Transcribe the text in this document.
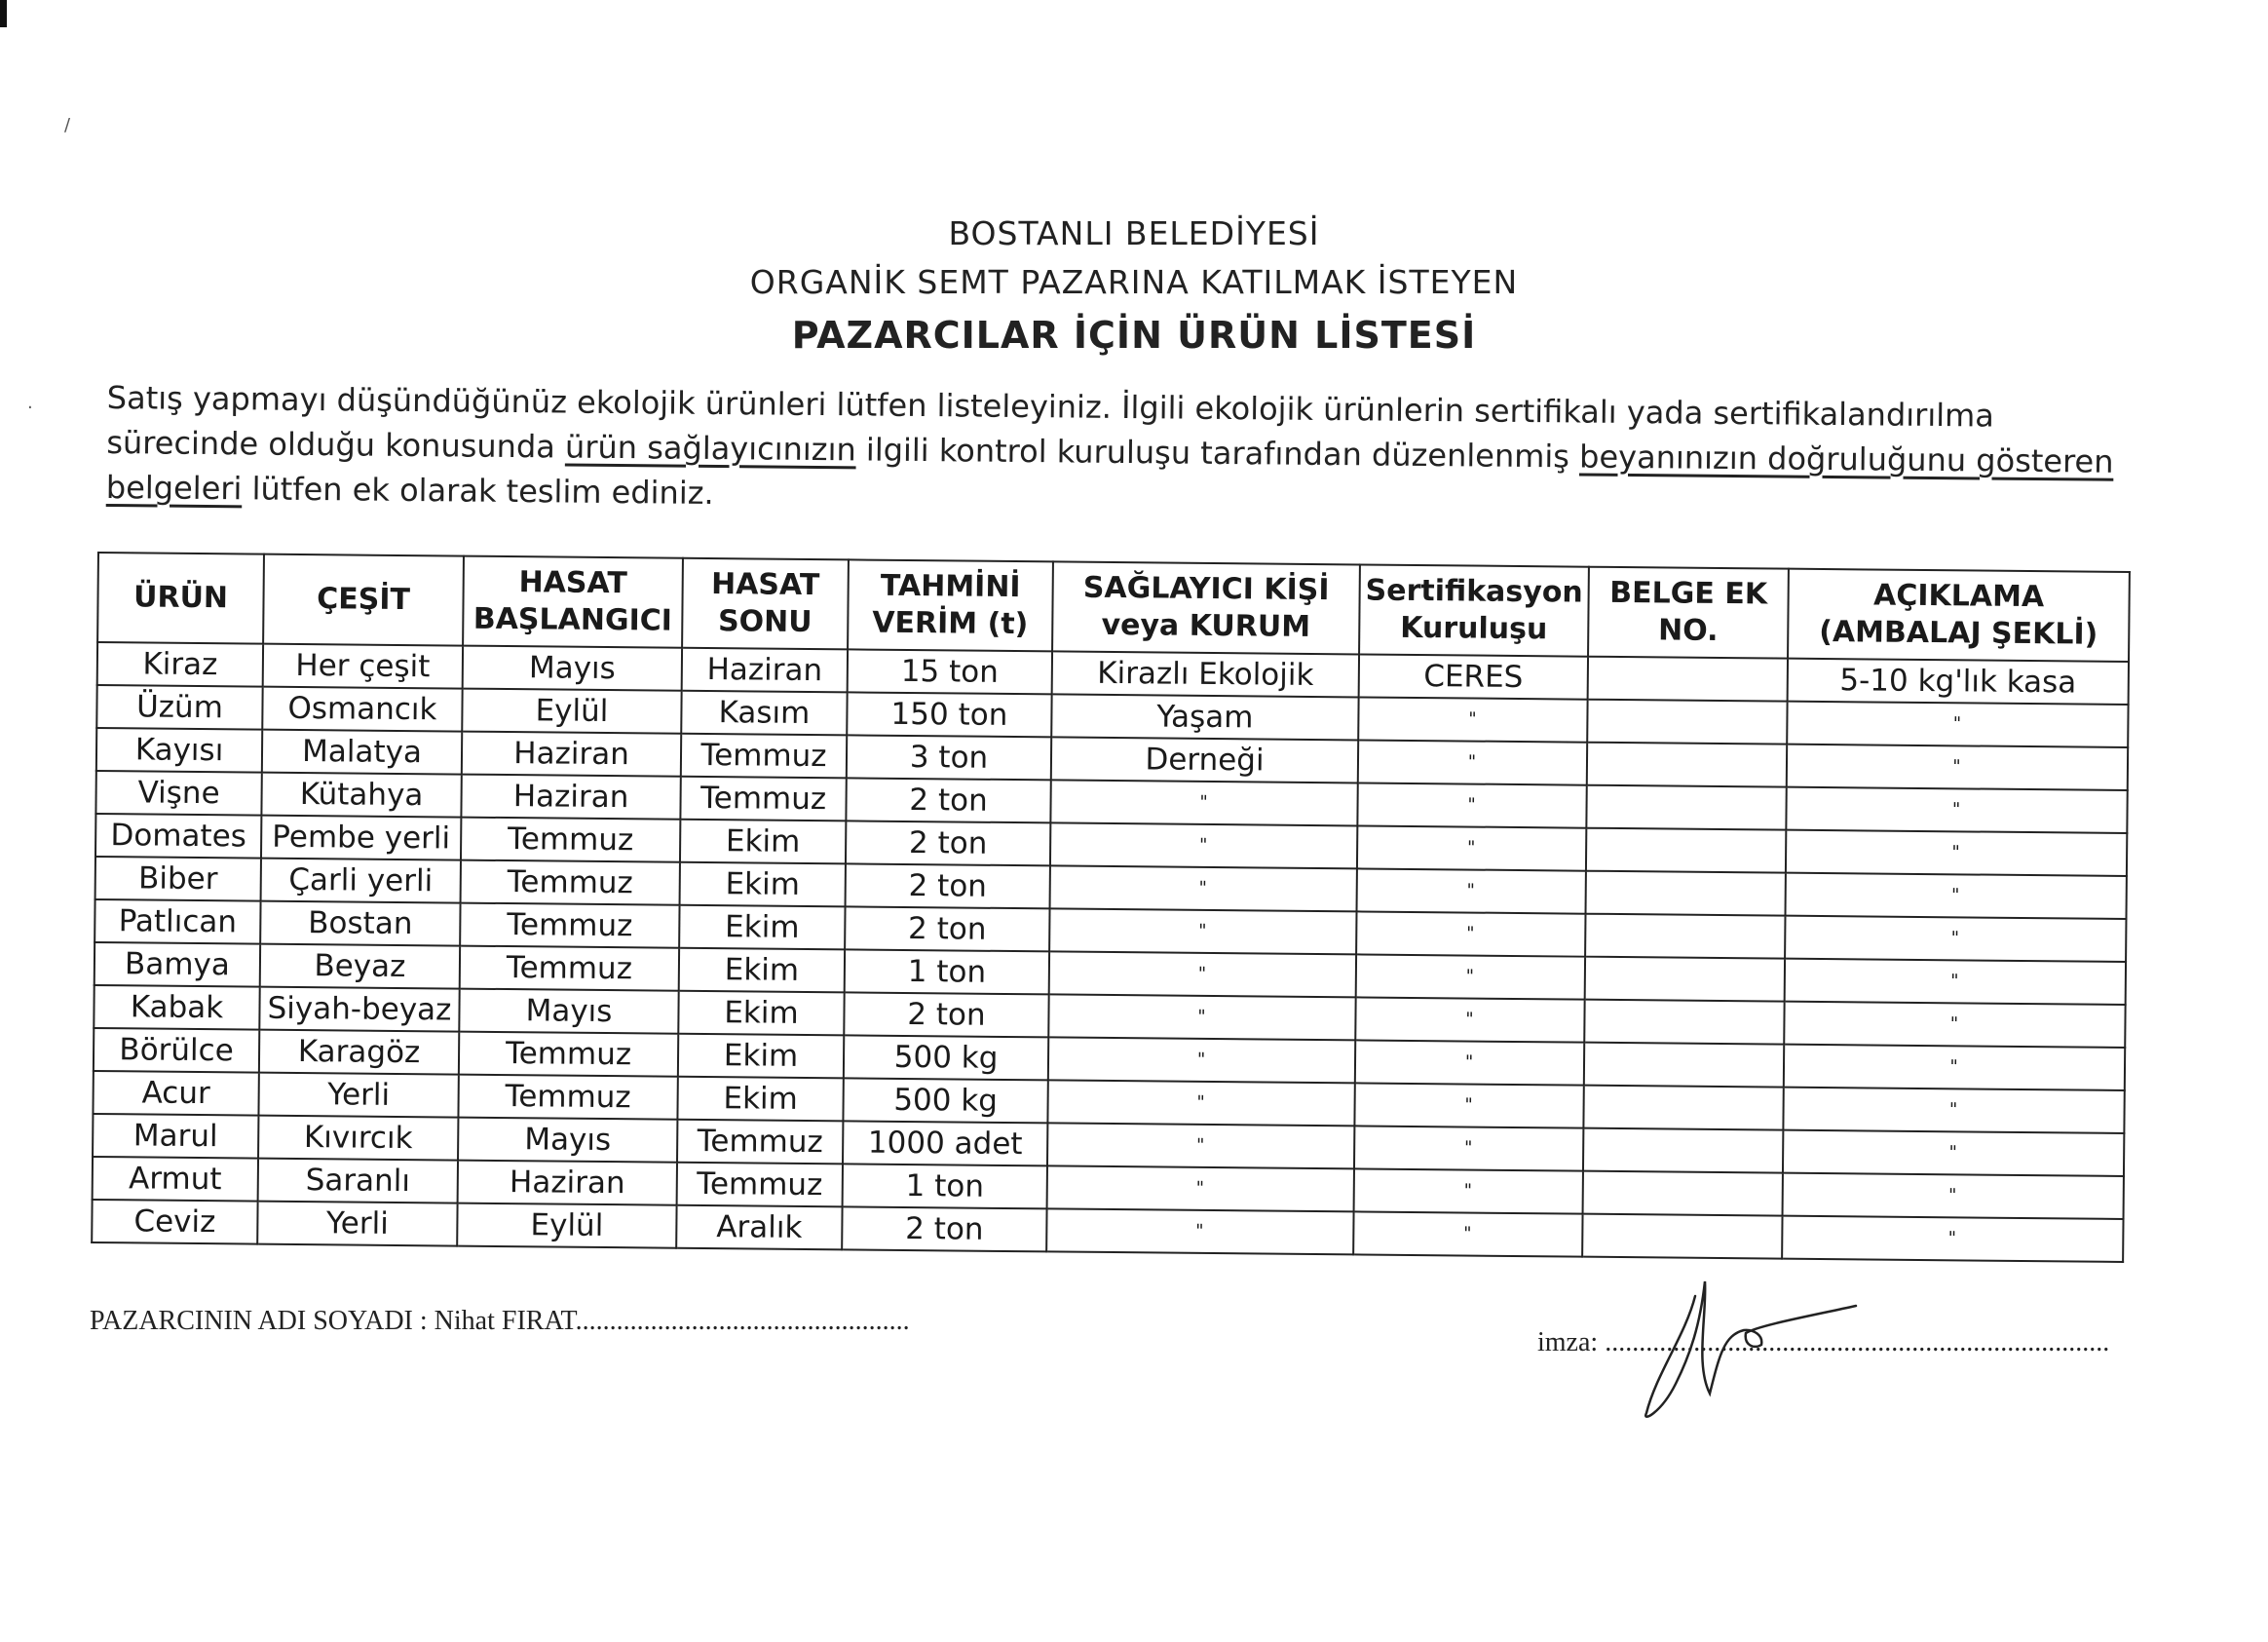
/
·
BOSTANLI BELEDİYESİ
ORGANİK SEMT PAZARINA KATILMAK İSTEYEN
PAZARCILAR İÇİN ÜRÜN LİSTESİ
Satış yapmayı düşündüğünüz ekolojik ürünleri lütfen listeleyiniz. İlgili ekolojik ürünlerin sertifikalı yada sertifikalandırılma sürecinde olduğu konusunda ürün sağlayıcınızın ilgili kontrol kuruluşu tarafından düzenlenmiş beyanınızın doğruluğunu gösteren belgeleri lütfen ek olarak teslim ediniz.
ÜRÜN	ÇEŞİT	HASAT BAŞLANGICI	HASAT SONU	TAHMİNİ VERİM (t)	SAĞLAYICI KİŞİ veya KURUM	Sertifikasyon Kuruluşu	BELGE EK NO.	AÇIKLAMA (AMBALAJ ŞEKLİ)
Kiraz	Her çeşit	Mayıs	Haziran	15 ton	Kirazlı Ekolojik	CERES		5-10 kg'lık kasa
Üzüm	Osmancık	Eylül	Kasım	150 ton	Yaşam	"		"
Kayısı	Malatya	Haziran	Temmuz	3 ton	Derneği	"		"
Vişne	Kütahya	Haziran	Temmuz	2 ton	"	"		"
Domates	Pembe yerli	Temmuz	Ekim	2 ton	"	"		"
Biber	Çarli yerli	Temmuz	Ekim	2 ton	"	"		"
Patlıcan	Bostan	Temmuz	Ekim	2 ton	"	"		"
Bamya	Beyaz	Temmuz	Ekim	1 ton	"	"		"
Kabak	Siyah-beyaz	Mayıs	Ekim	2 ton	"	"		"
Börülce	Karagöz	Temmuz	Ekim	500 kg	"	"		"
Acur	Yerli	Temmuz	Ekim	500 kg	"	"		"
Marul	Kıvırcık	Mayıs	Temmuz	1000 adet	"	"		"
Armut	Saranlı	Haziran	Temmuz	1 ton	"	"		"
Ceviz	Yerli	Eylül	Aralık	2 ton	"	"		"
PAZARCININ ADI SOYADI : Nihat FIRAT.................................................
imza: ..........................................................................
